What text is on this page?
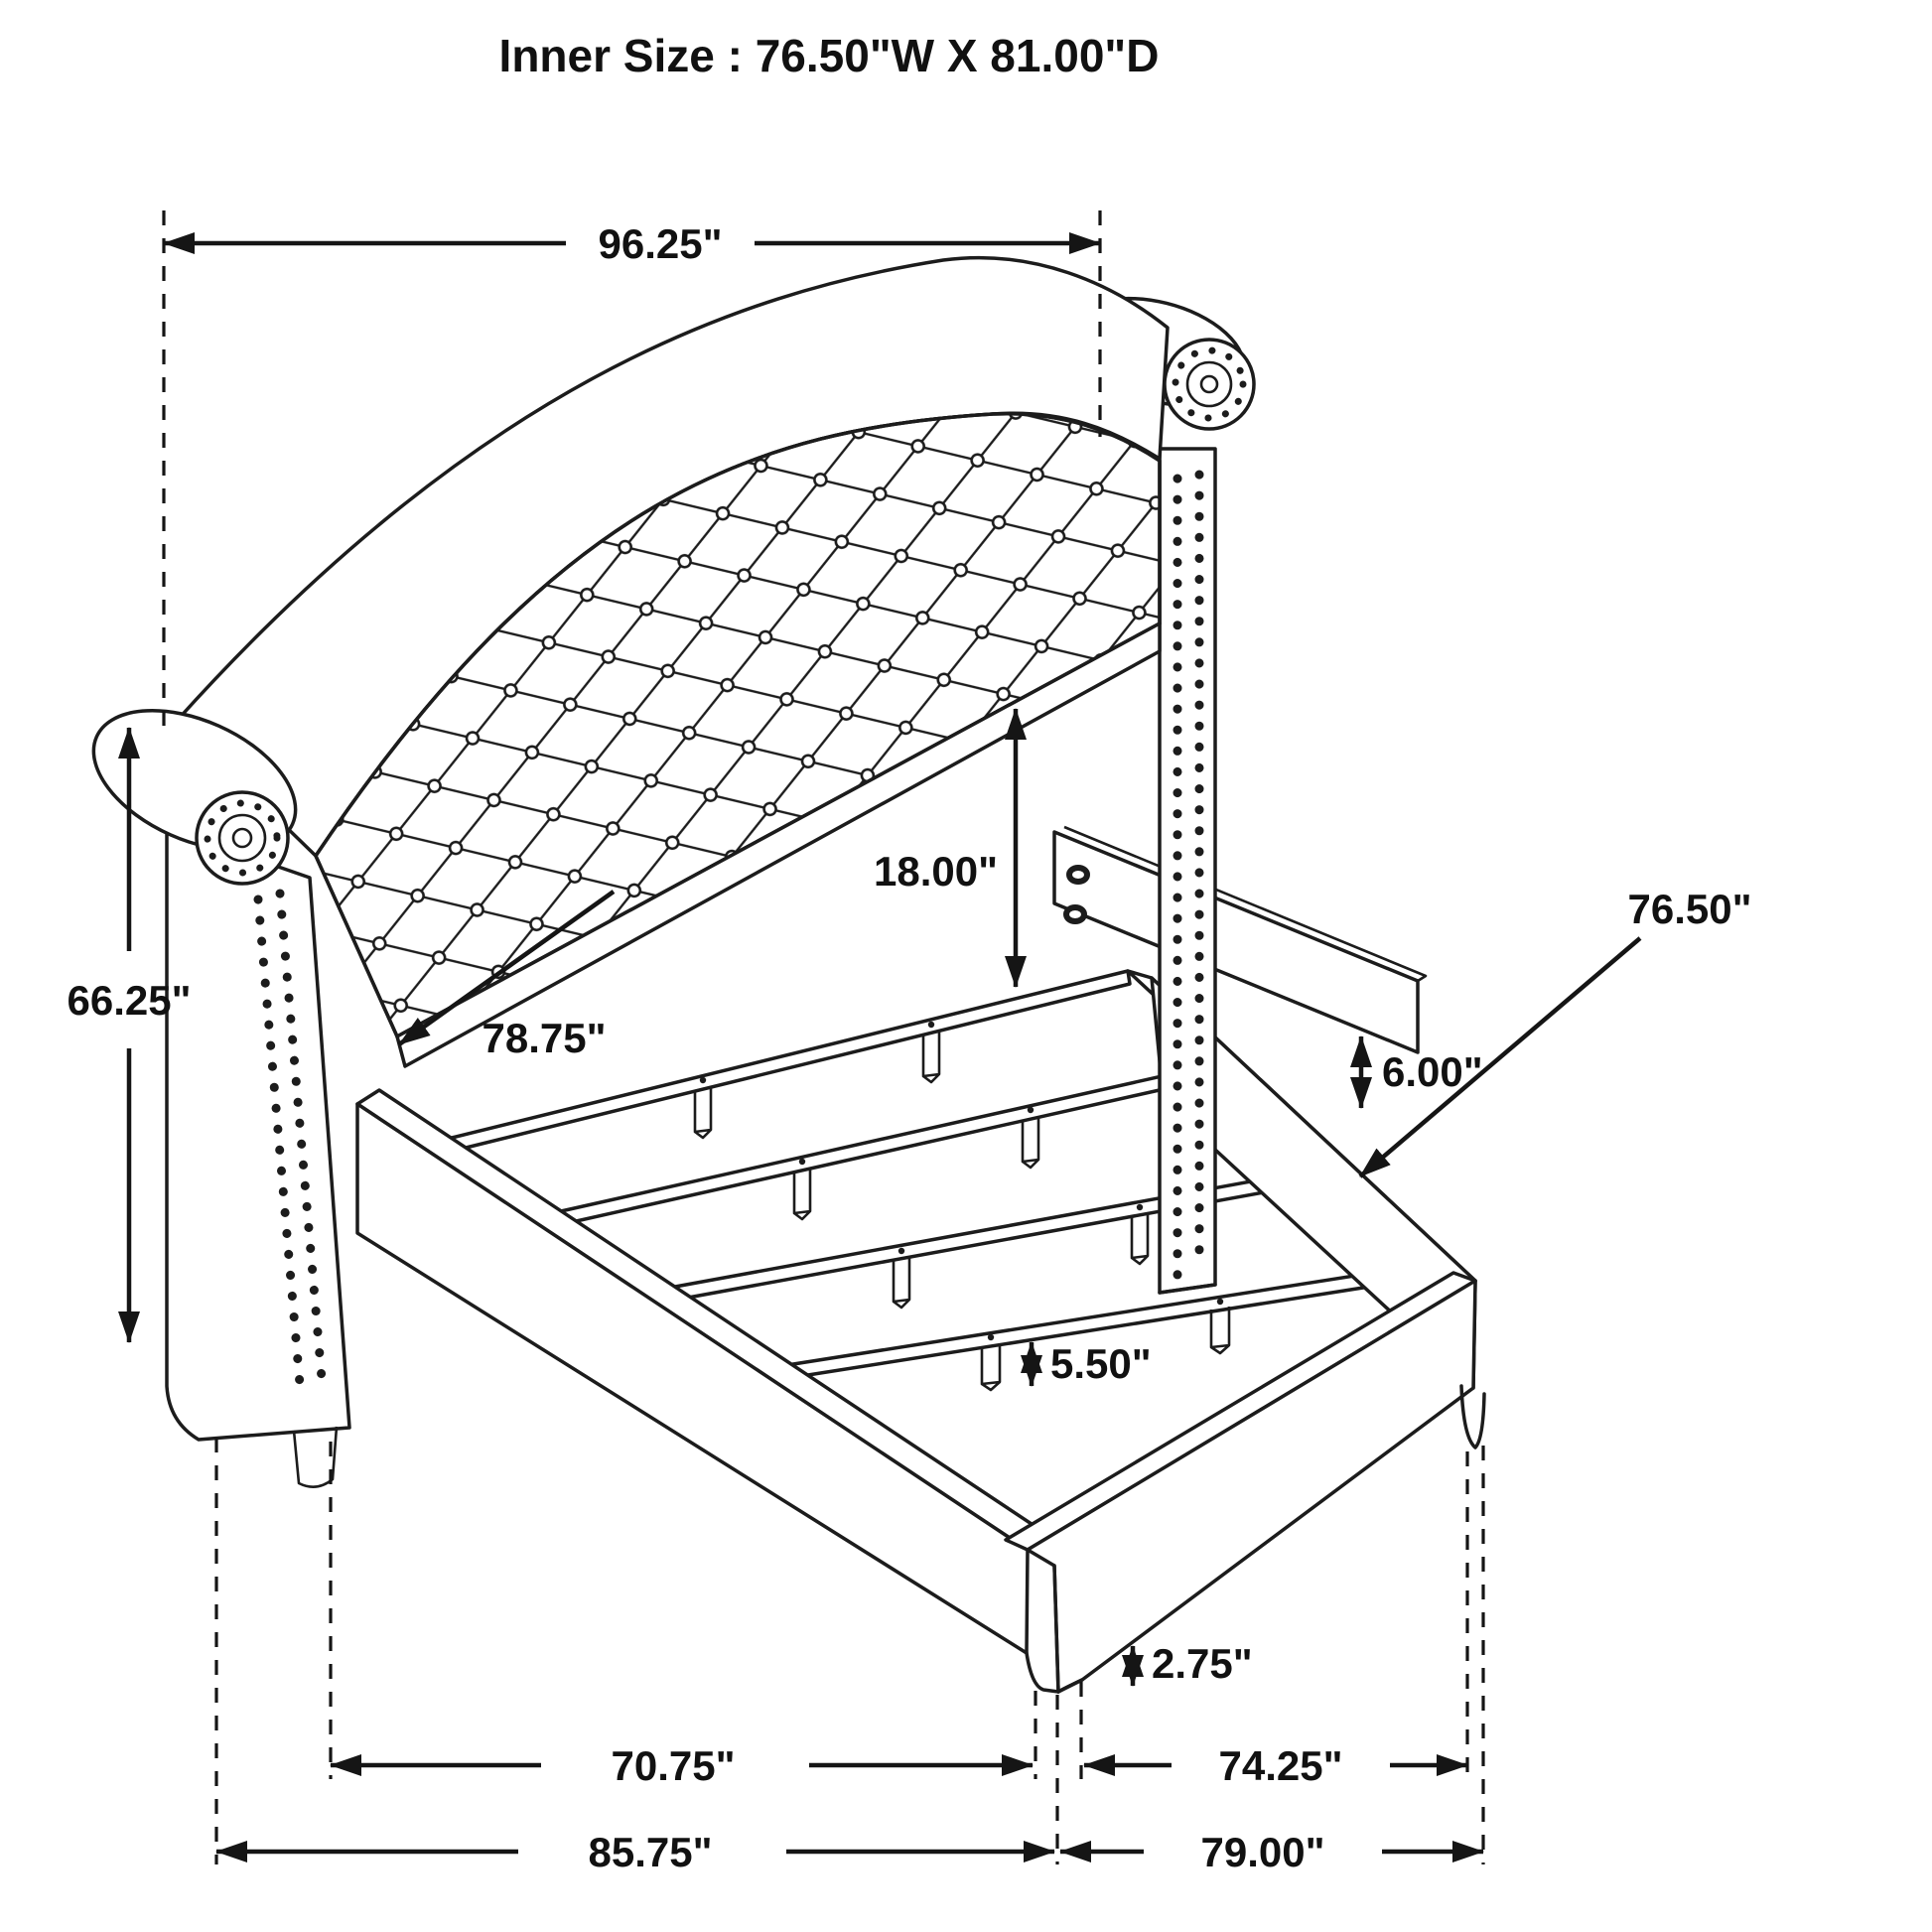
Inner Size : 76.50"W X 81.00"D
96.25"
66.25"
78.75"
18.00"
6.00"
76.50"
5.50"
2.75"
70.75"	74.25"
85.75"	79.00"
